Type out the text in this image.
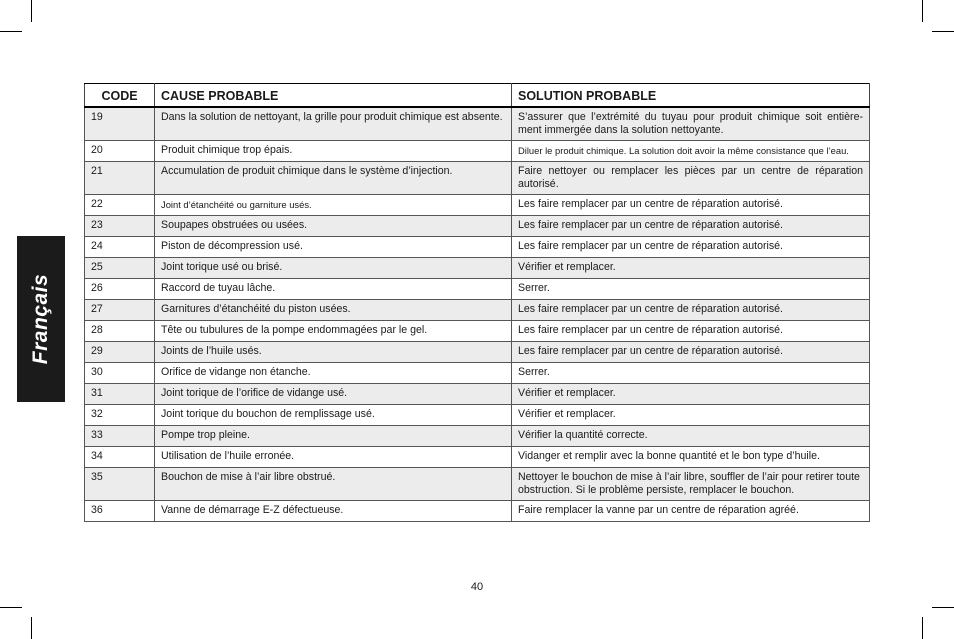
Français
CODE	CAUSE PROBABLE	SOLUTION PROBABLE
19	Dans la solution de nettoyant, la grille pour produit chimique est absente.	S’assurer que l’extrémité du tuyau pour produit chimique soit entière-ment immergée dans la solution nettoyante.
20	Produit chimique trop épais.	Diluer le produit chimique. La solution doit avoir la même consistance que l’eau.
21	Accumulation de produit chimique dans le système d’injection.	Faire nettoyer ou remplacer les pièces par un centre de réparation autorisé.
22	Joint d’étanchéité ou garniture usés.	Les faire remplacer par un centre de réparation autorisé.
23	Soupapes obstruées ou usées.	Les faire remplacer par un centre de réparation autorisé.
24	Piston de décompression usé.	Les faire remplacer par un centre de réparation autorisé.
25	Joint torique usé ou brisé.	Vérifier et remplacer.
26	Raccord de tuyau lâche.	Serrer.
27	Garnitures d’étanchéité du piston usées.	Les faire remplacer par un centre de réparation autorisé.
28	Tête ou tubulures de la pompe endommagées par le gel.	Les faire remplacer par un centre de réparation autorisé.
29	Joints de l’huile usés.	Les faire remplacer par un centre de réparation autorisé.
30	Orifice de vidange non étanche.	Serrer.
31	Joint torique de l’orifice de vidange usé.	Vérifier et remplacer.
32	Joint torique du bouchon de remplissage usé.	Vérifier et remplacer.
33	Pompe trop pleine.	Vérifier la quantité correcte.
34	Utilisation de l’huile erronée.	Vidanger et remplir avec la bonne quantité et le bon type d’huile.
35	Bouchon de mise à l’air libre obstrué.	Nettoyer le bouchon de mise à l’air libre, souffler de l’air pour retirer toute obstruction. Si le problème persiste, remplacer le bouchon.
36	Vanne de démarrage E-Z défectueuse.	Faire remplacer la vanne par un centre de réparation agréé.
40
